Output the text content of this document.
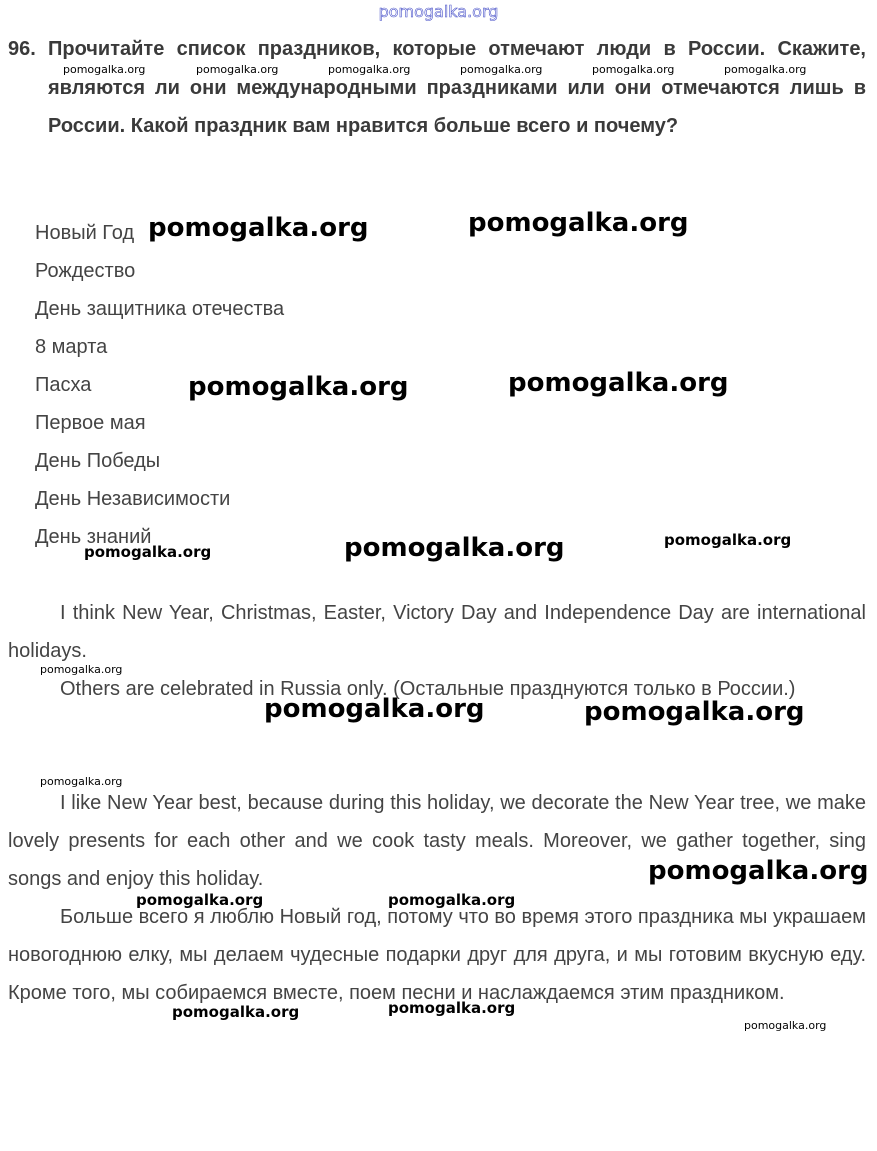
pomogalka.org
96. Прочитайте список праздников, которые отмечают люди в России. Скажите, являются ли они международными праздниками или они отмечаются лишь в России. Какой праздник вам нравится больше всего и почему?
Новый Год
Рождество
День защитника отечества
8 марта
Пасха
Первое мая
День Победы
День Независимости
День знаний
I think New Year, Christmas, Easter, Victory Day and Independence Day are international holidays.
Others are celebrated in Russia only. (Остальные празднуются только в России.)
I like New Year best, because during this holiday, we decorate the New Year tree, we make lovely presents for each other and we cook tasty meals. Moreover, we gather together, sing songs and enjoy this holiday.
Больше всего я люблю Новый год, потому что во время этого праздника мы украшаем новогоднюю елку, мы делаем чудесные подарки друг для друга, и мы готовим вкусную еду. Кроме того, мы собираемся вместе, поем песни и наслаждаемся этим праздником.
pomogalka.org	pomogalka.org	pomogalka.org	pomogalka.org	pomogalka.org	pomogalka.org
pomogalka.org	pomogalka.org
pomogalka.org	pomogalka.org
pomogalka.org	pomogalka.org	pomogalka.org
pomogalka.org
pomogalka.org	pomogalka.org
pomogalka.org
pomogalka.org
pomogalka.org	pomogalka.org
pomogalka.org
pomogalka.org
pomogalka.org
